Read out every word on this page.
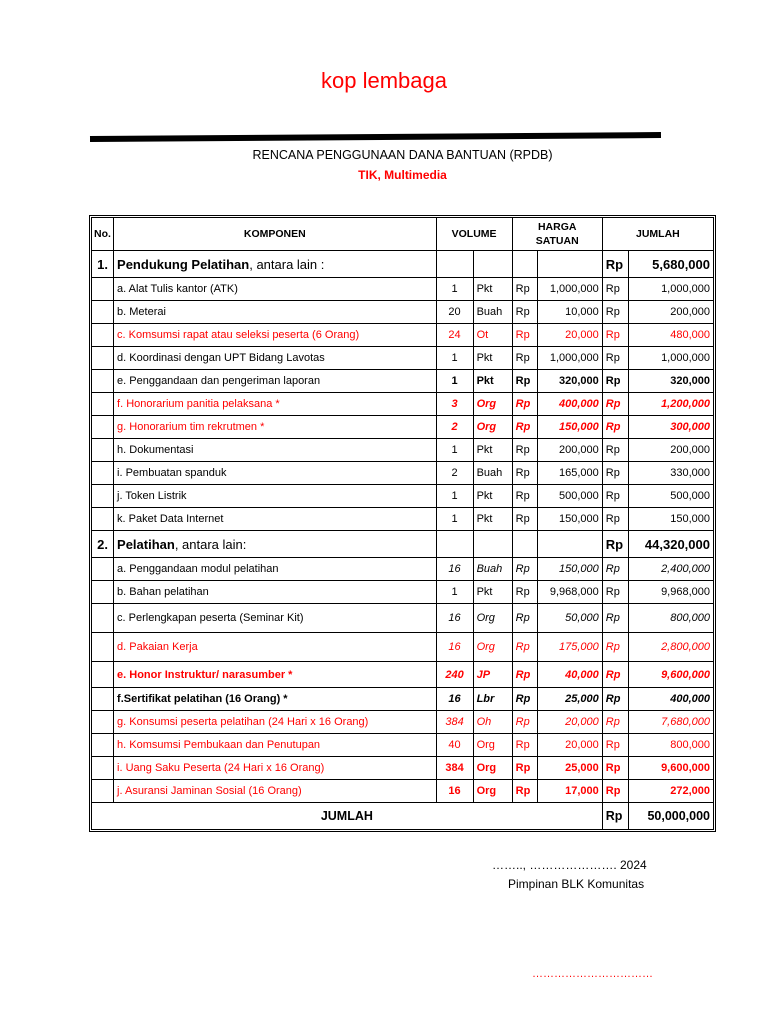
kop lembaga
RENCANA PENGGUNAAN DANA BANTUAN (RPDB)
TIK, Multimedia
No.	KOMPONEN	VOLUME		HARGA SATUAN		JUMLAH	
1.	Pendukung Pelatihan, antara lain :					Rp	5,680,000
	a. Alat Tulis kantor (ATK)	1	Pkt	Rp	1,000,000	Rp	1,000,000
	b. Meterai	20	Buah	Rp	10,000	Rp	200,000
	c. Komsumsi rapat atau seleksi peserta (6 Orang)	24	Ot	Rp	20,000	Rp	480,000
	d. Koordinasi dengan UPT Bidang Lavotas	1	Pkt	Rp	1,000,000	Rp	1,000,000
	e. Penggandaan dan pengeriman laporan	1	Pkt	Rp	320,000	Rp	320,000
	f. Honorarium panitia pelaksana *	3	Org	Rp	400,000	Rp	1,200,000
	g. Honorarium tim rekrutmen *	2	Org	Rp	150,000	Rp	300,000
	h. Dokumentasi	1	Pkt	Rp	200,000	Rp	200,000
	i. Pembuatan spanduk	2	Buah	Rp	165,000	Rp	330,000
	j. Token Listrik	1	Pkt	Rp	500,000	Rp	500,000
	k. Paket Data Internet	1	Pkt	Rp	150,000	Rp	150,000
2.	Pelatihan, antara lain:					Rp	44,320,000
	a. Penggandaan modul pelatihan	16	Buah	Rp	150,000	Rp	2,400,000
	b. Bahan pelatihan	1	Pkt	Rp	9,968,000	Rp	9,968,000
	c. Perlengkapan peserta (Seminar Kit)	16	Org	Rp	50,000	Rp	800,000
	d. Pakaian Kerja	16	Org	Rp	175,000	Rp	2,800,000
	e. Honor Instruktur/ narasumber *	240	JP	Rp	40,000	Rp	9,600,000
	f.Sertifikat pelatihan (16 Orang) *	16	Lbr	Rp	25,000	Rp	400,000
	g. Konsumsi peserta pelatihan (24 Hari x 16 Orang)	384	Oh	Rp	20,000	Rp	7,680,000
	h. Komsumsi Pembukaan dan Penutupan	40	Org	Rp	20,000	Rp	800,000
	i. Uang Saku Peserta (24 Hari x 16 Orang)	384	Org	Rp	25,000	Rp	9,600,000
	j. Asuransi Jaminan Sosial (16 Orang)	16	Org	Rp	17,000	Rp	272,000
JUMLAH						Rp	50,000,000
…….., …………………. 2024
Pimpinan BLK Komunitas
……………………………
